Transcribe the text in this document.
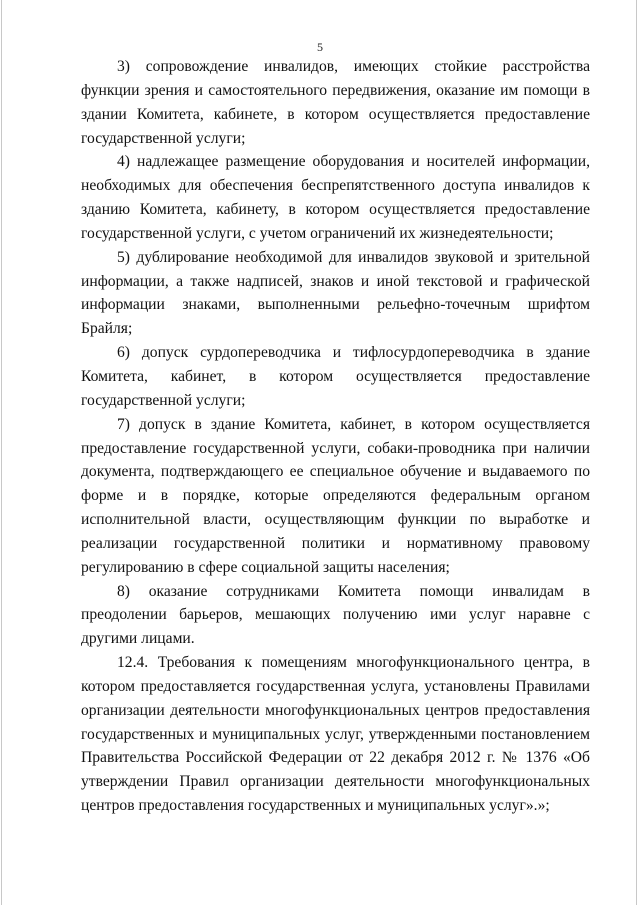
5

3) сопровождение инвалидов, имеющих стойкие расстройства функции зрения и самостоятельного передвижения, оказание им помощи в здании Комитета, кабинете, в котором осуществляется предоставление государственной услуги;

4) надлежащее размещение оборудования и носителей информации, необходимых для обеспечения беспрепятственного доступа инвалидов к зданию Комитета, кабинету, в котором осуществляется предоставление государственной услуги, с учетом ограничений их жизнедеятельности;

5) дублирование необходимой для инвалидов звуковой и зрительной информации, а также надписей, знаков и иной текстовой и графической информации знаками, выполненными рельефно-точечным шрифтом Брайля;

6) допуск сурдопереводчика и тифлосурдопереводчика в здание Комитета, кабинет, в котором осуществляется предоставление государственной услуги;

7) допуск в здание Комитета, кабинет, в котором осуществляется предоставление государственной услуги, собаки-проводника при наличии документа, подтверждающего ее специальное обучение и выдаваемого по форме и в порядке, которые определяются федеральным органом исполнительной власти, осуществляющим функции по выработке и реализации государственной политики и нормативному правовому регулированию в сфере социальной защиты населения;

8) оказание сотрудниками Комитета помощи инвалидам в преодолении барьеров, мешающих получению ими услуг наравне с другими лицами.

12.4. Требования к помещениям многофункционального центра, в котором предоставляется государственная услуга, установлены Правилами организации деятельности многофункциональных центров предоставления государственных и муниципальных услуг, утвержденными постановлением Правительства Российской Федерации от 22 декабря 2012 г. № 1376 «Об утверждении Правил организации деятельности многофункциональных центров предоставления государственных и муниципальных услуг».»;
